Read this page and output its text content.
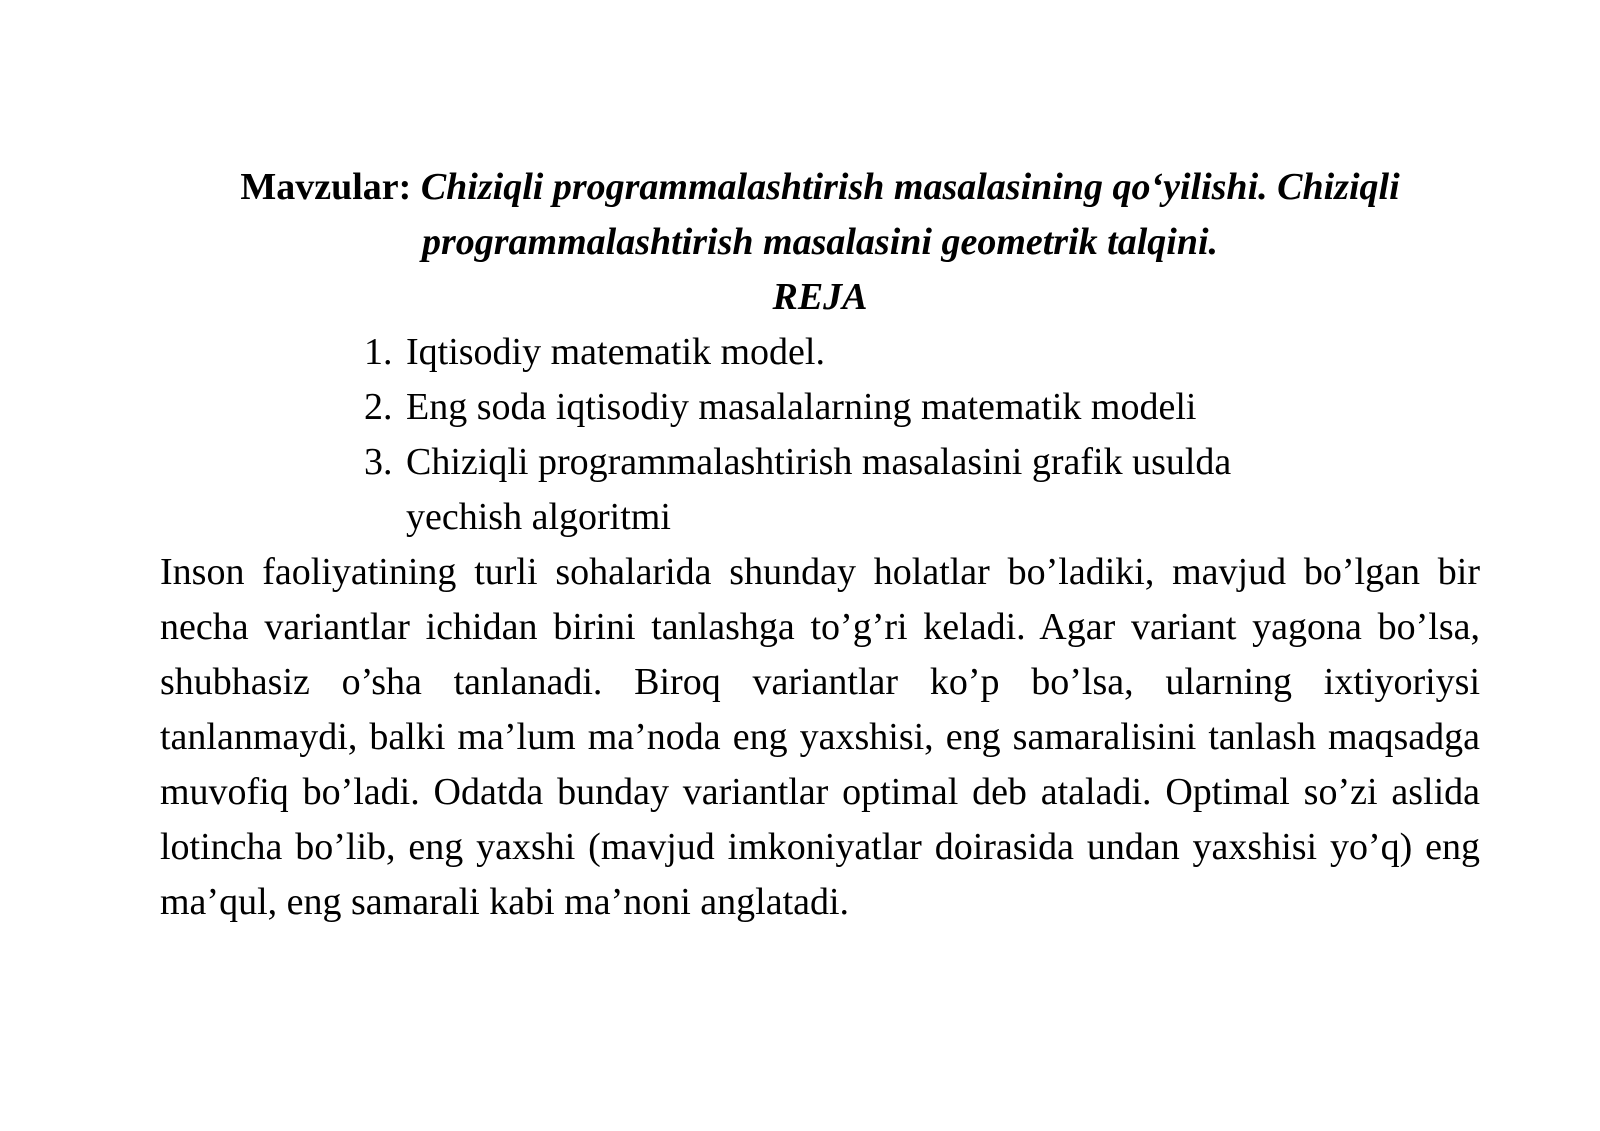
Mavzular: Chiziqli programmalashtirish masalasining qo‘yilishi. Chiziqli programmalashtirish masalasini geometrik talqini.

REJA

1. Iqtisodiy matematik model.
2. Eng soda iqtisodiy masalalarning matematik modeli
3. Chiziqli programmalashtirish masalasini grafik usulda yechish algoritmi

Inson faoliyatining turli sohalarida shunday holatlar bo’ladiki, mavjud bo’lgan bir necha variantlar ichidan birini tanlashga to’g’ri keladi. Agar variant yagona bo’lsa, shubhasiz o’sha tanlanadi. Biroq variantlar ko’p bo’lsa, ularning ixtiyoriysi tanlanmaydi, balki ma’lum ma’noda eng yaxshisi, eng samaralisini tanlash maqsadga muvofiq bo’ladi. Odatda bunday variantlar optimal deb ataladi. Optimal so’zi aslida lotincha bo’lib, eng yaxshi (mavjud imkoniyatlar doirasida undan yaxshisi yo’q) eng ma’qul, eng samarali kabi ma’noni anglatadi.
